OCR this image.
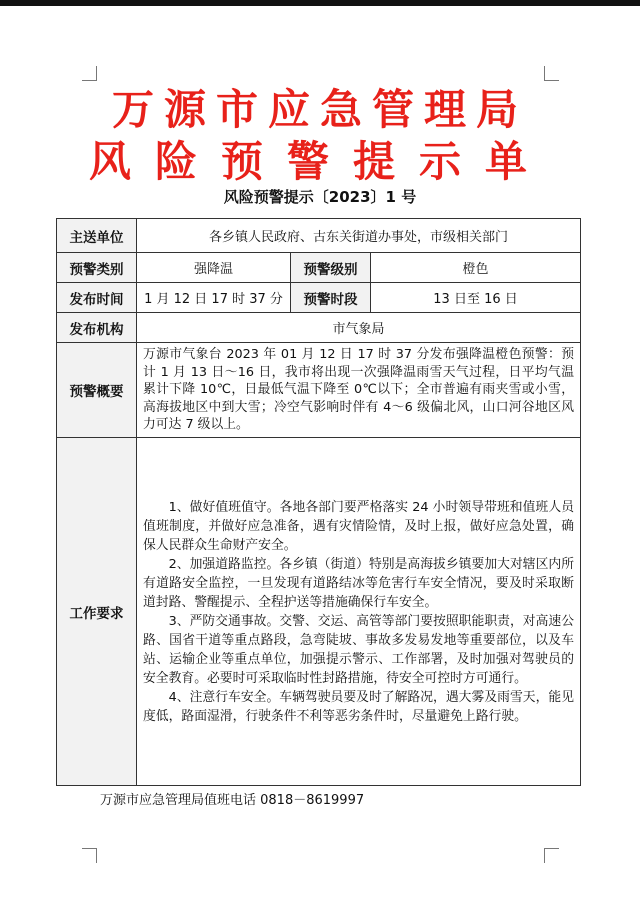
万源市应急管理局
风险预警提示单
风险预警提示〔2023〕1 号
主送单位	各乡镇人民政府、古东关街道办事处，市级相关部门		
预警类别	强降温	预警级别	橙色
发布时间	1 月 12 日 17 时 37 分	预警时段	13 日至 16 日
发布机构	市气象局		
预警概要	万源市气象台 2023 年 01 月 12 日 17 时 37 分发布强降温橙色预警：预计 1 月 13 日～16 日，我市将出现一次强降温雨雪天气过程，日平均气温累计下降 10℃，日最低气温下降至 0℃以下；全市普遍有雨夹雪或小雪，高海拔地区中到大雪；冷空气影响时伴有 4～6 级偏北风，山口河谷地区风力可达 7 级以上。		
工作要求	1、做好值班值守。各地各部门要严格落实 24 小时领导带班和值班人员值班制度，并做好应急准备，遇有灾情险情，及时上报，做好应急处置，确保人民群众生命财产安全。

2、加强道路监控。各乡镇（街道）特别是高海拔乡镇要加大对辖区内所有道路安全监控，一旦发现有道路结冰等危害行车安全情况，要及时采取断道封路、警醒提示、全程护送等措施确保行车安全。

3、严防交通事故。交警、交运、高管等部门要按照职能职责，对高速公路、国省干道等重点路段，急弯陡坡、事故多发易发地等重要部位，以及车站、运输企业等重点单位，加强提示警示、工作部署，及时加强对驾驶员的安全教育。必要时可采取临时性封路措施，待安全可控时方可通行。

4、注意行车安全。车辆驾驶员要及时了解路况，遇大雾及雨雪天，能见度低，路面湿滑，行驶条件不利等恶劣条件时，尽量避免上路行驶。		

万源市应急管理局值班电话 0818－8619997
